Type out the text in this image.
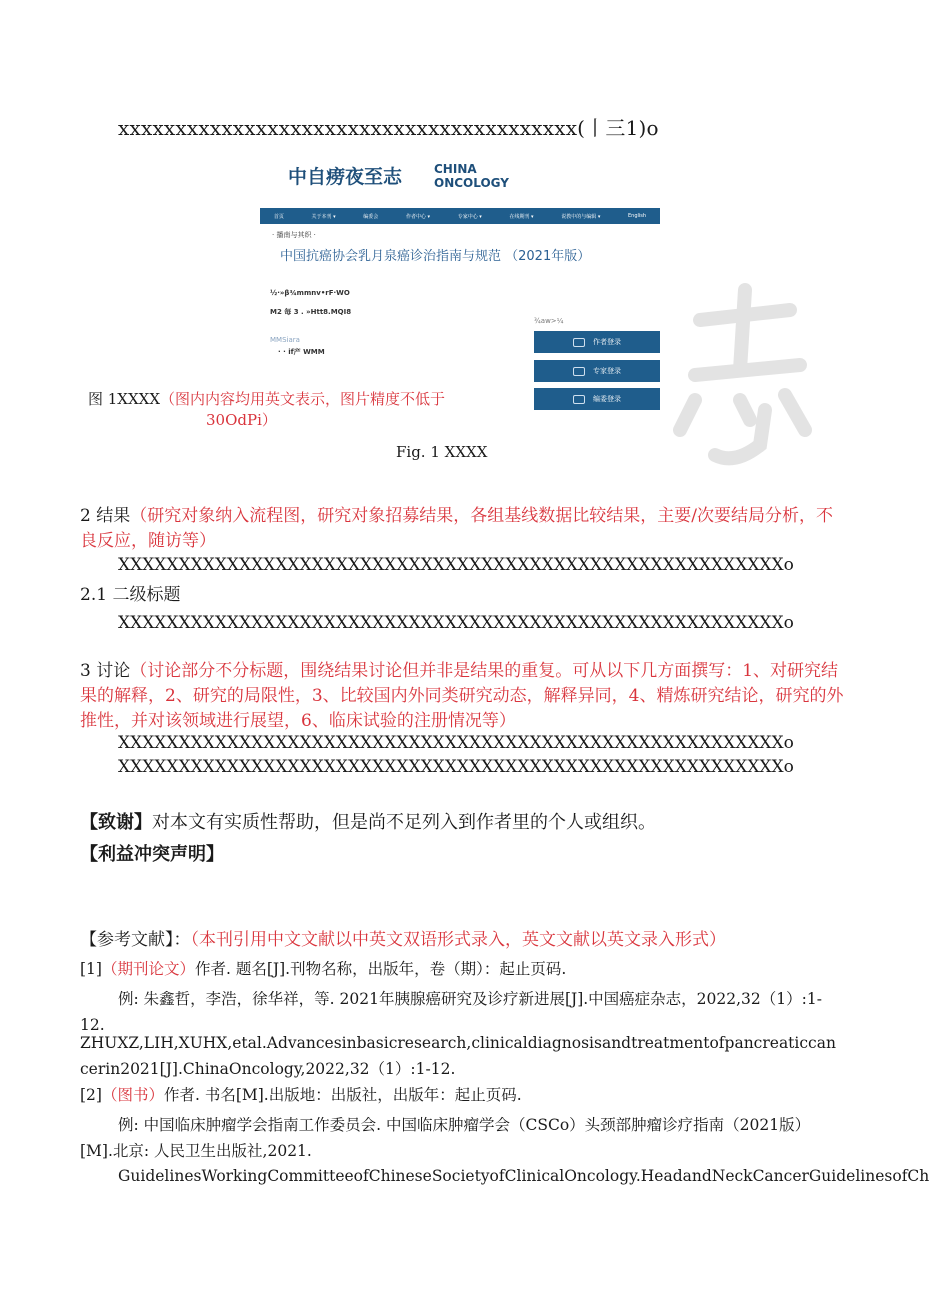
xxxxxxxxxxxxxxxxxxxxxxxxxxxxxxxxxxxxxxxx(丨三1)o
中自痨夜至志	CHINA
ONCOLOGY
首页	关于本刊 ▾	编委会	作者中心 ▾	专家中心 ▾	在线期刊 ▾	说教中的与编辑 ▾	English
· 播南与其织 ·
中国抗癌协会乳月泉癌诊治指南与规范 （2021年版）
½·»β¾mmnv•rF·WO
M2 毎 3 . »Htt8.MQI8
MMSiara
· · if产 WMM
¾aw>¼
作者登录
专家登录
编委登录
图 1XXXX（图内内容均用英文表示，图片精度不低于
30OdPi）
Fig. 1 XXXX
2 结果（研究对象纳入流程图，研究对象招募结果，各组基线数据比较结果，主要/次要结局分析，不良反应，随访等）
XXXXXXXXXXXXXXXXXXXXXXXXXXXXXXXXXXXXXXXXXXXXXXXXXXXXXXXo
2.1 二级标题
XXXXXXXXXXXXXXXXXXXXXXXXXXXXXXXXXXXXXXXXXXXXXXXXXXXXXXXo
3 讨论（讨论部分不分标题，围绕结果讨论但并非是结果的重复。可从以下几方面撰写：1、对研究结果的解释，2、研究的局限性，3、比较国内外同类研究动态，解释异同，4、精炼研究结论，研究的外推性，并对该领域进行展望，6、临床试验的注册情况等）
XXXXXXXXXXXXXXXXXXXXXXXXXXXXXXXXXXXXXXXXXXXXXXXXXXXXXXXo
XXXXXXXXXXXXXXXXXXXXXXXXXXXXXXXXXXXXXXXXXXXXXXXXXXXXXXXo
【致谢】对本文有实质性帮助，但是尚不足列入到作者里的个人或组织。
【利益冲突声明】
【参考文献】：（本刊引用中文文献以中英文双语形式录入，英文文献以英文录入形式）
[1]（期刊论文）作者. 题名[J].刊物名称，出版年，卷（期）：起止页码.
例: 朱鑫哲，李浩，徐华祥，等. 2021年胰腺癌研究及诊疗新进展[J].中国癌症杂志，2022,32（1）:1-12.
ZHUXZ,LIH,XUHX,etal.Advancesinbasicresearch,clinicaldiagnosisandtreatmentofpancreaticcancerin2021[J].ChinaOncology,2022,32（1）:1-12.
[2]（图书）作者. 书名[M].出版地：出版社，出版年：起止页码.
例: 中国临床肿瘤学会指南工作委员会. 中国临床肿瘤学会（CSCo）头颈部肿瘤诊疗指南（2021版）[M].北京: 人民卫生出版社,2021.
GuidelinesWorkingCommitteeofChineseSocietyofClinicalOncology.HeadandNeckCancerGuidelinesofCh
